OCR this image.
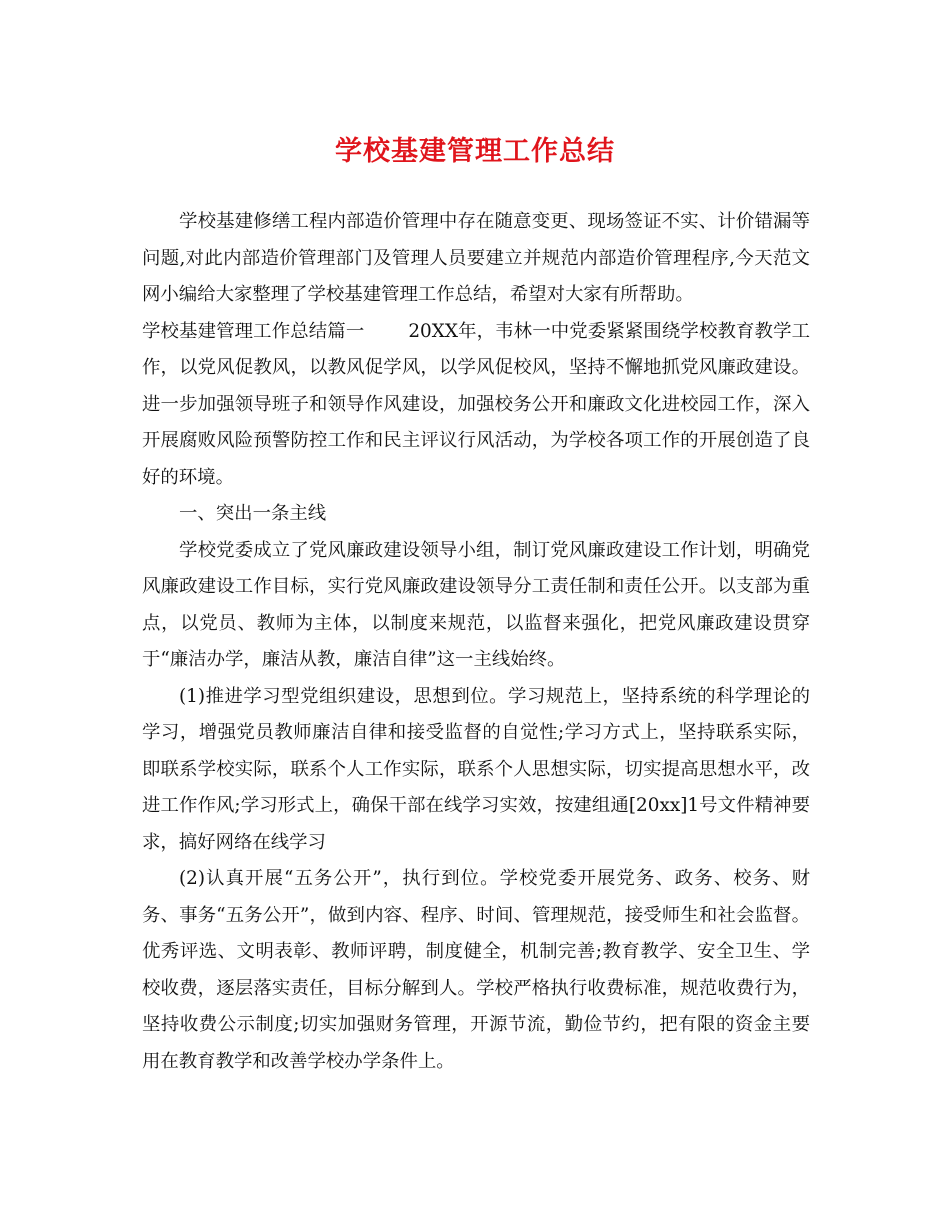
学校基建管理工作总结

学校基建修缮工程内部造价管理中存在随意变更、现场签证不实、计价错漏等问题,对此内部造价管理部门及管理人员要建立并规范内部造价管理程序,今天范文网小编给大家整理了学校基建管理工作总结，希望对大家有所帮助。

学校基建管理工作总结篇一 20XX年，韦林一中党委紧紧围绕学校教育教学工作，以党风促教风，以教风促学风，以学风促校风，坚持不懈地抓党风廉政建设。进一步加强领导班子和领导作风建设，加强校务公开和廉政文化进校园工作，深入开展腐败风险预警防控工作和民主评议行风活动，为学校各项工作的开展创造了良好的环境。

一、突出一条主线

学校党委成立了党风廉政建设领导小组，制订党风廉政建设工作计划，明确党风廉政建设工作目标，实行党风廉政建设领导分工责任制和责任公开。以支部为重点，以党员、教师为主体，以制度来规范，以监督来强化，把党风廉政建设贯穿于“廉洁办学，廉洁从教，廉洁自律”这一主线始终。

(1)推进学习型党组织建设，思想到位。学习规范上，坚持系统的科学理论的学习，增强党员教师廉洁自律和接受监督的自觉性;学习方式上，坚持联系实际，即联系学校实际，联系个人工作实际，联系个人思想实际，切实提高思想水平，改进工作作风;学习形式上，确保干部在线学习实效，按建组通[20xx]1号文件精神要求，搞好网络在线学习

(2)认真开展“五务公开”，执行到位。学校党委开展党务、政务、校务、财务、事务“五务公开”，做到内容、程序、时间、管理规范，接受师生和社会监督。优秀评选、文明表彰、教师评聘，制度健全，机制完善;教育教学、安全卫生、学校收费，逐层落实责任，目标分解到人。学校严格执行收费标准，规范收费行为，坚持收费公示制度;切实加强财务管理，开源节流，勤俭节约，把有限的资金主要用在教育教学和改善学校办学条件上。
